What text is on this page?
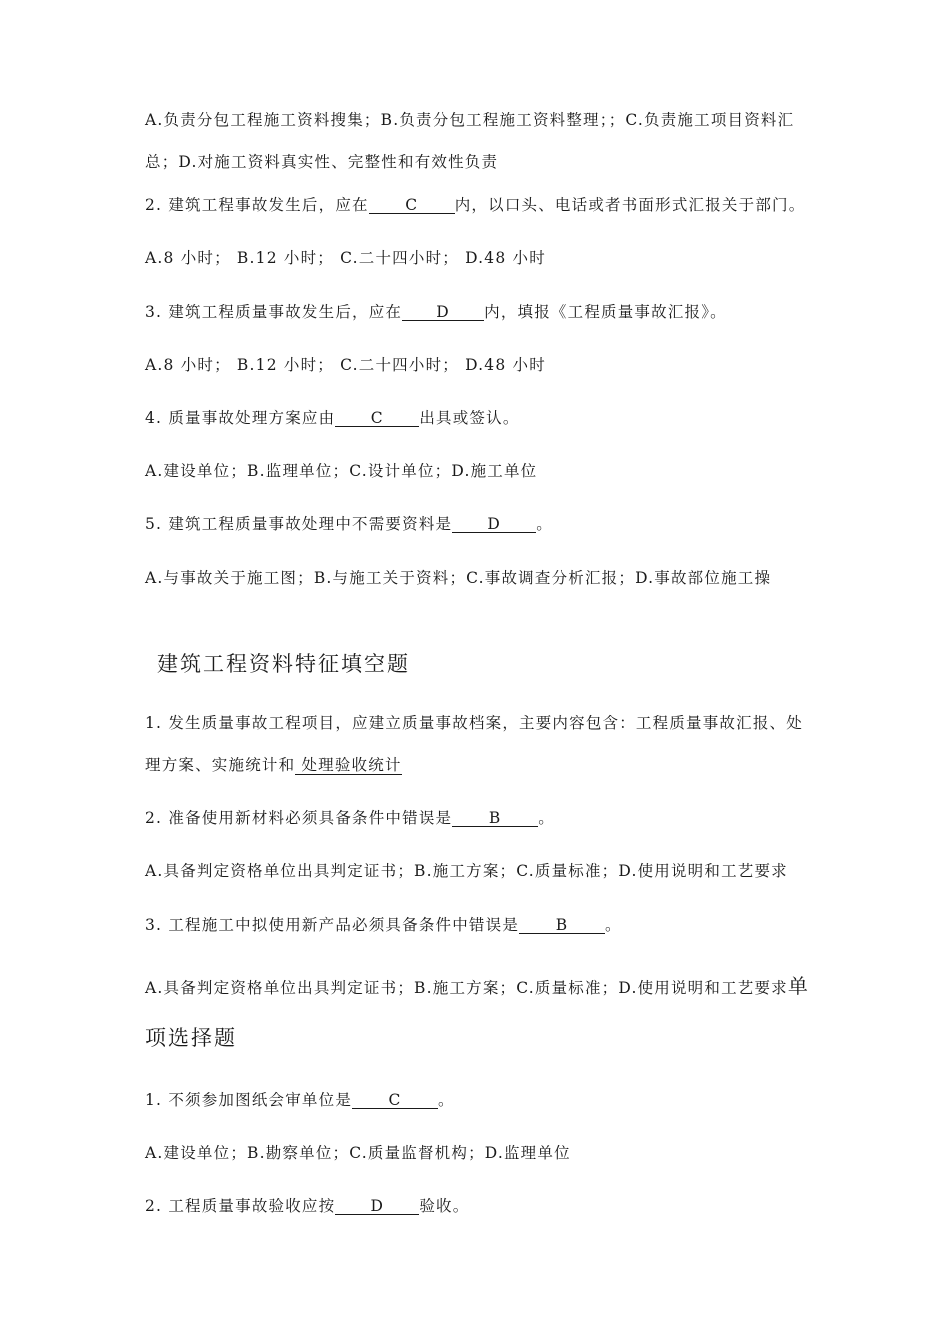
A.负责分包工程施工资料搜集；B.负责分包工程施工资料整理；；C.负责施工项目资料汇
总；D.对施工资料真实性、完整性和有效性负责
2. 建筑工程事故发生后，应在 C 内，以口头、电话或者书面形式汇报关于部门。
A.8 小时； B.12 小时； C.二十四小时； D.48 小时
3. 建筑工程质量事故发生后，应在 D 内，填报《工程质量事故汇报》。
A.8 小时； B.12 小时； C.二十四小时； D.48 小时
4. 质量事故处理方案应由 C 出具或签认。
A.建设单位；B.监理单位；C.设计单位；D.施工单位
5. 建筑工程质量事故处理中不需要资料是 D 。
A.与事故关于施工图；B.与施工关于资料；C.事故调查分析汇报；D.事故部位施工操
建筑工程资料特征填空题
1. 发生质量事故工程项目，应建立质量事故档案，主要内容包含：工程质量事故汇报、处
理方案、实施统计和 处理验收统计
2. 准备使用新材料必须具备条件中错误是 B 。
A.具备判定资格单位出具判定证书；B.施工方案；C.质量标准；D.使用说明和工艺要求
3. 工程施工中拟使用新产品必须具备条件中错误是 B 。
A.具备判定资格单位出具判定证书；B.施工方案；C.质量标准；D.使用说明和工艺要求单
项选择题
1. 不须参加图纸会审单位是 C 。
A.建设单位；B.勘察单位；C.质量监督机构；D.监理单位
2. 工程质量事故验收应按 D 验收。
